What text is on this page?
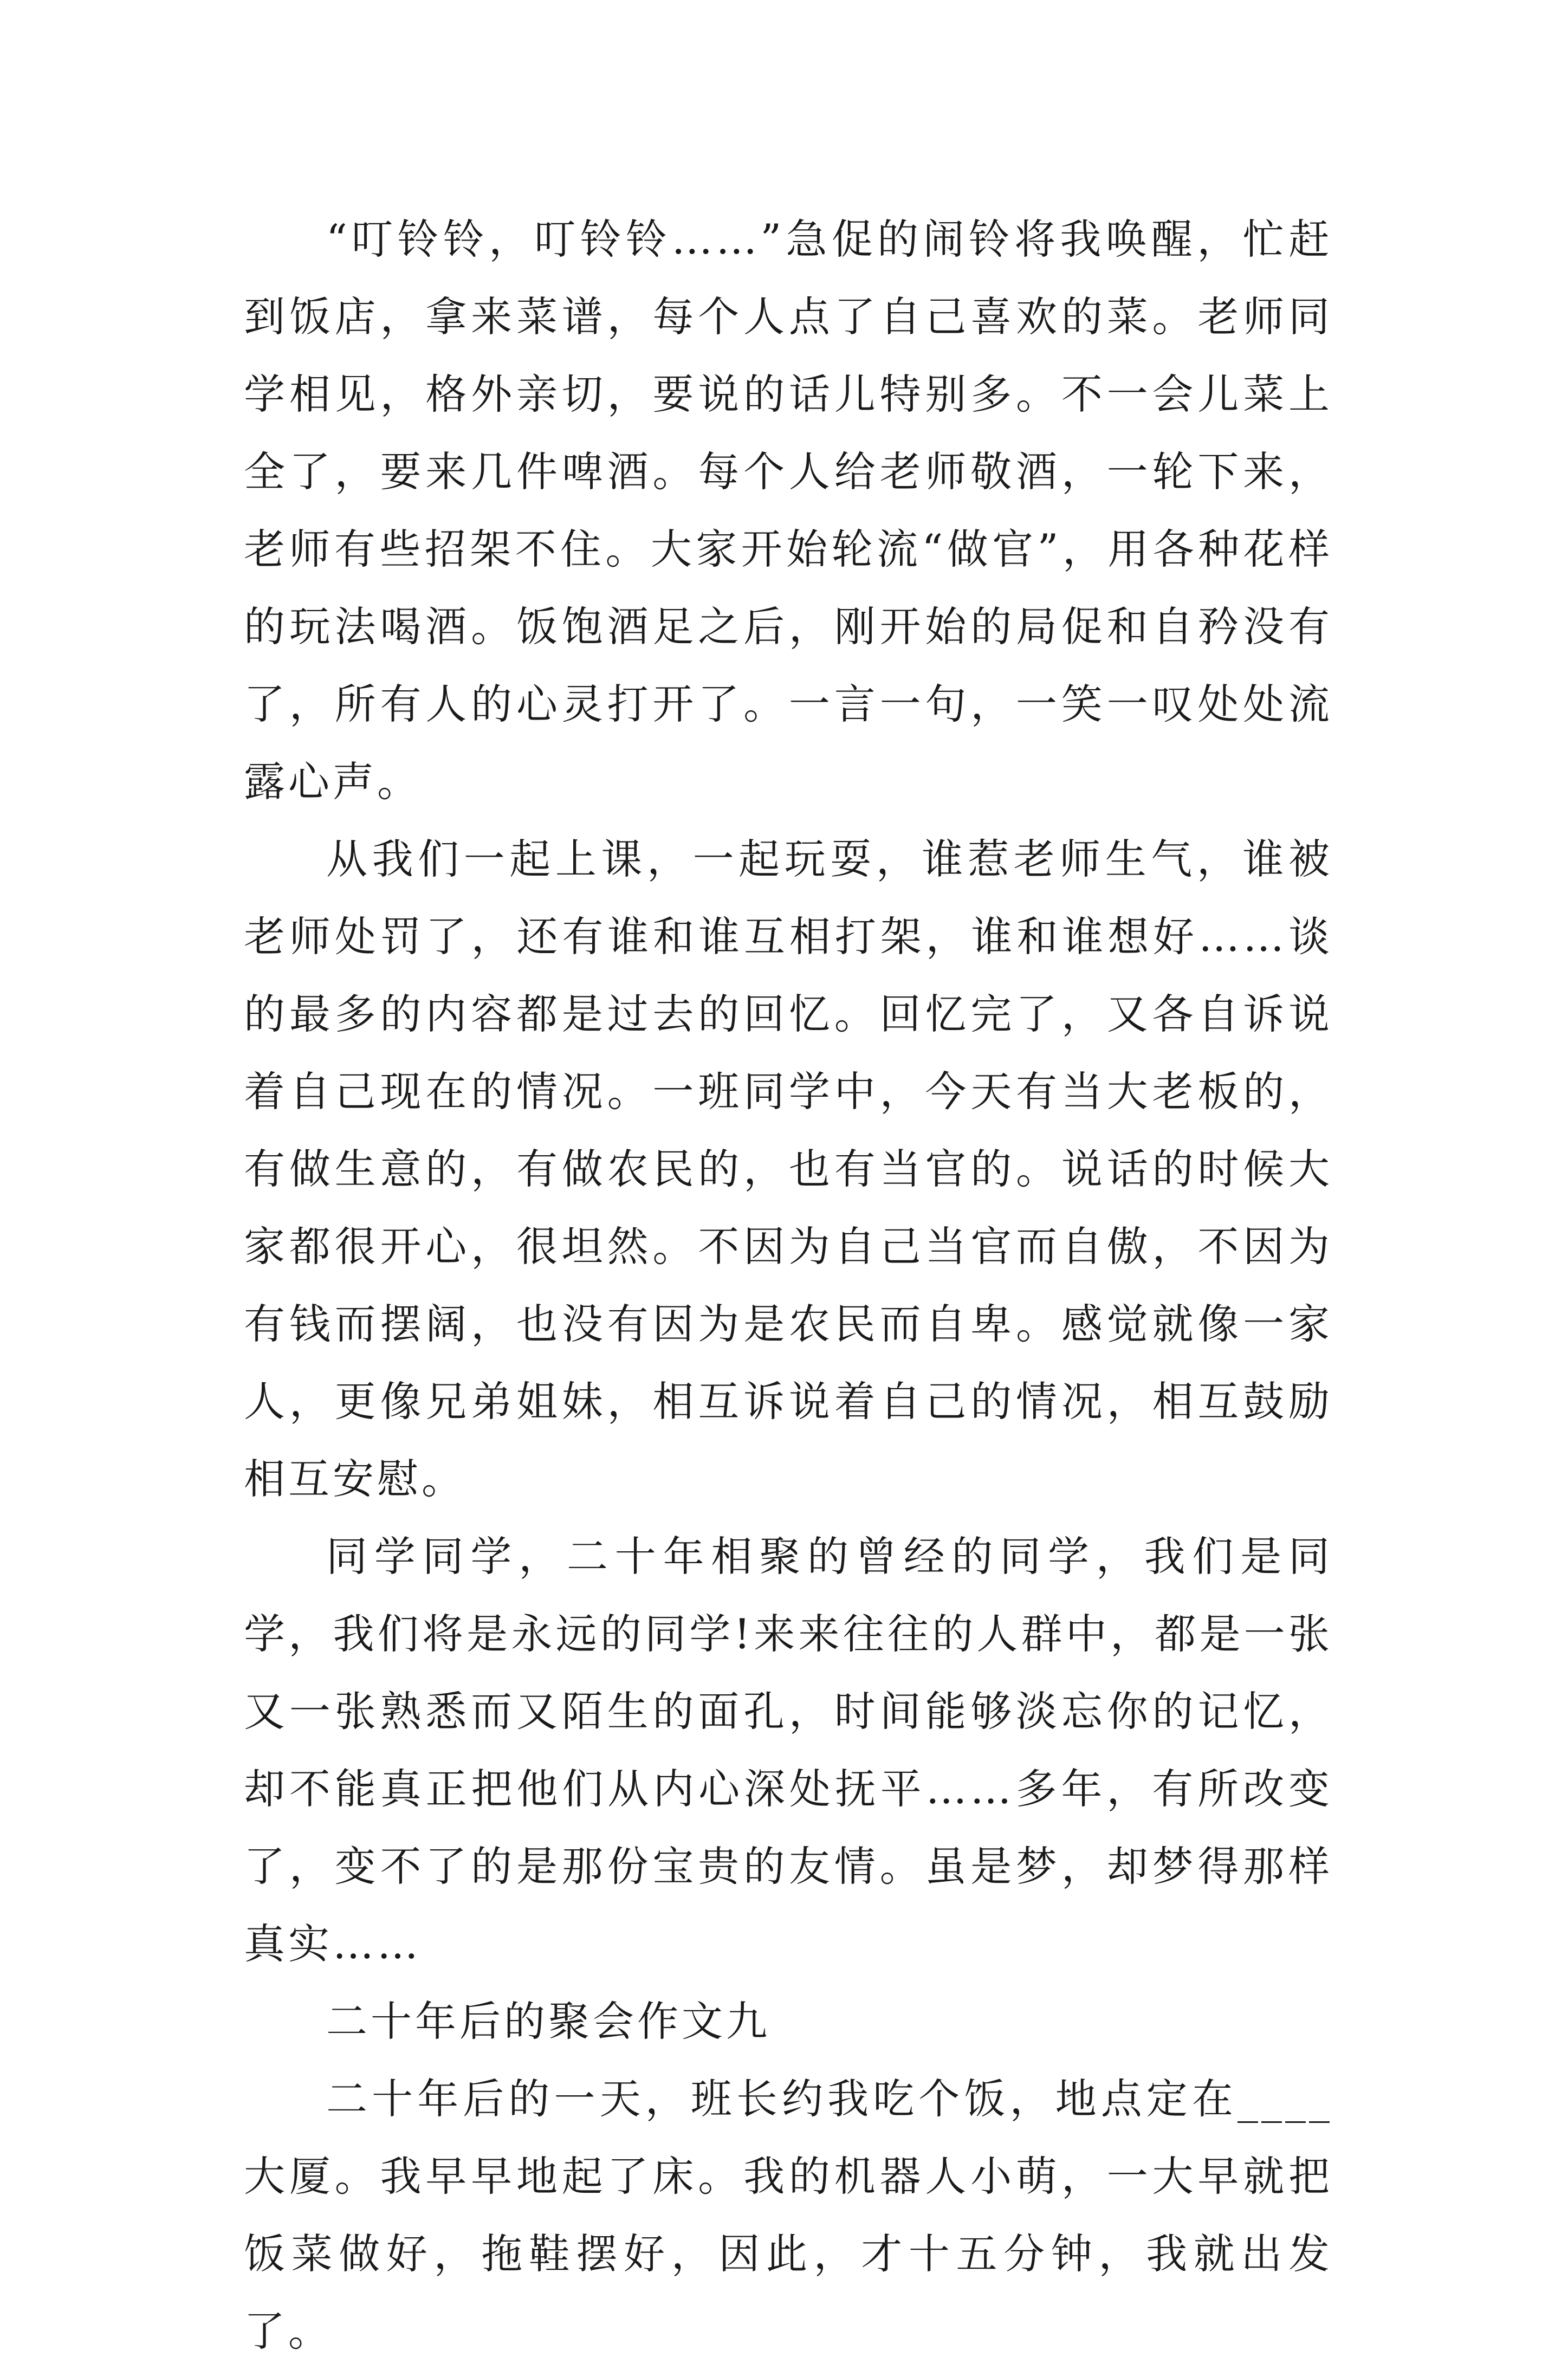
“叮铃铃，叮铃铃……”急促的闹铃将我唤醒，忙赶到饭店，拿来菜谱，每个人点了自己喜欢的菜。老师同学相见，格外亲切，要说的话儿特别多。不一会儿菜上全了，要来几件啤酒。每个人给老师敬酒，一轮下来，老师有些招架不住。大家开始轮流“做官”，用各种花样的玩法喝酒。饭饱酒足之后，刚开始的局促和自矜没有了，所有人的心灵打开了。一言一句，一笑一叹处处流露心声。

从我们一起上课，一起玩耍，谁惹老师生气，谁被老师处罚了，还有谁和谁互相打架，谁和谁想好……谈的最多的内容都是过去的回忆。回忆完了，又各自诉说着自己现在的情况。一班同学中，今天有当大老板的，有做生意的，有做农民的，也有当官的。说话的时候大家都很开心，很坦然。不因为自己当官而自傲，不因为有钱而摆阔，也没有因为是农民而自卑。感觉就像一家人，更像兄弟姐妹，相互诉说着自己的情况，相互鼓励相互安慰。

同学同学，二十年相聚的曾经的同学，我们是同学，我们将是永远的同学!来来往往的人群中，都是一张又一张熟悉而又陌生的面孔，时间能够淡忘你的记忆，却不能真正把他们从内心深处抚平……多年，有所改变了，变不了的是那份宝贵的友情。虽是梦，却梦得那样真实……

二十年后的聚会作文九

二十年后的一天，班长约我吃个饭，地点定在____大厦。我早早地起了床。我的机器人小萌，一大早就把饭菜做好，拖鞋摆好，因此，才十五分钟，我就出发了。
